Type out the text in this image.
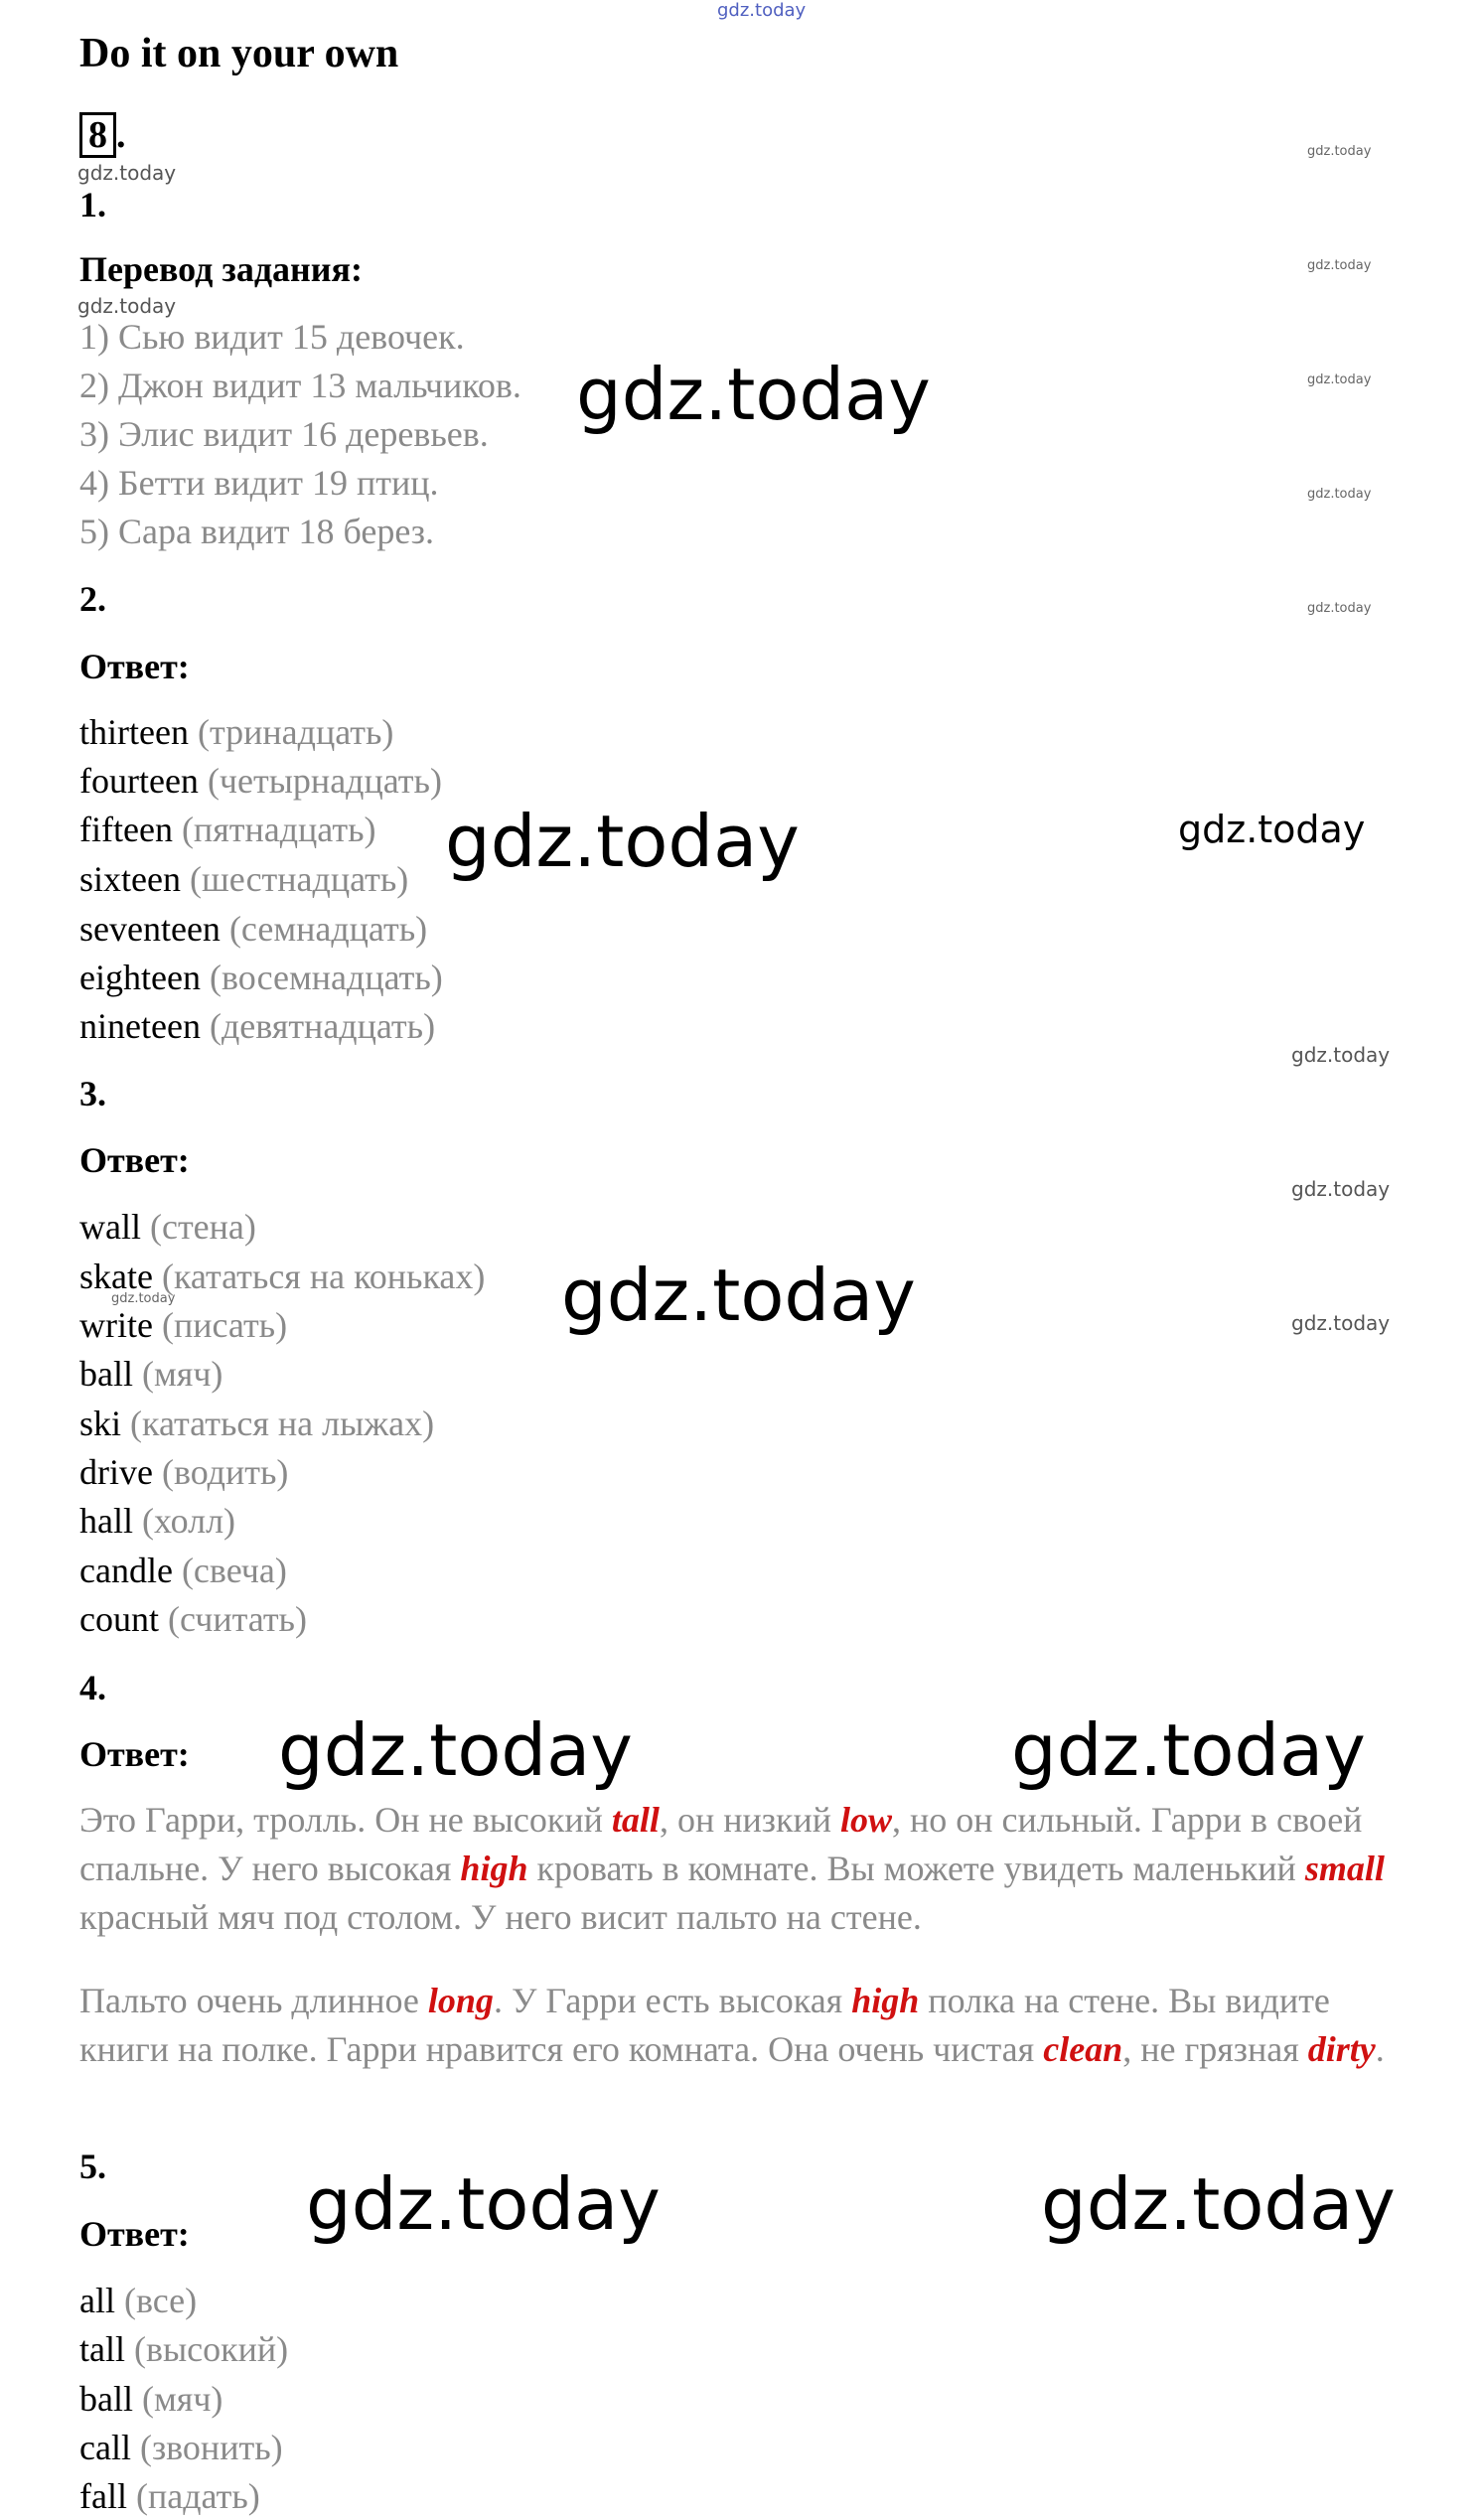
gdz.today
Do it on your own
8 .
1.
Перевод задания:
1) Сью видит 15 девочек.
2) Джон видит 13 мальчиков.
3) Элис видит 16 деревьев.
4) Бетти видит 19 птиц.
5) Сара видит 18 берез.
2.
Ответ:
thirteen (тринадцать)
fourteen (четырнадцать)
fifteen (пятнадцать)
sixteen (шестнадцать)
seventeen (семнадцать)
eighteen (восемнадцать)
nineteen (девятнадцать)
3.
Ответ:
wall (стена)
skate (кататься на коньках)
write (писать)
ball (мяч)
ski (кататься на лыжах)
drive (водить)
hall (холл)
candle (свеча)
count (считать)
4.
Ответ:
Это Гарри, тролль. Он не высокий tall, он низкий low, но он сильный. Гарри в своей спальне. У него высокая high кровать в комнате. Вы можете увидеть маленький small красный мяч под столом. У него висит пальто на стене.
Пальто очень длинное long. У Гарри есть высокая high полка на стене. Вы видите книги на полке. Гарри нравится его комната. Она очень чистая clean, не грязная dirty.
5.
Ответ:
all (все)
tall (высокий)
ball (мяч)
call (звонить)
fall (падать)
gdz.today
gdz.today
gdz.today
gdz.today
gdz.today
gdz.today
gdz.today
gdz.today
gdz.today	gdz.today
gdz.today
gdz.today
gdz.today
gdz.today	gdz.today
gdz.today	gdz.today
gdz.today	gdz.today
